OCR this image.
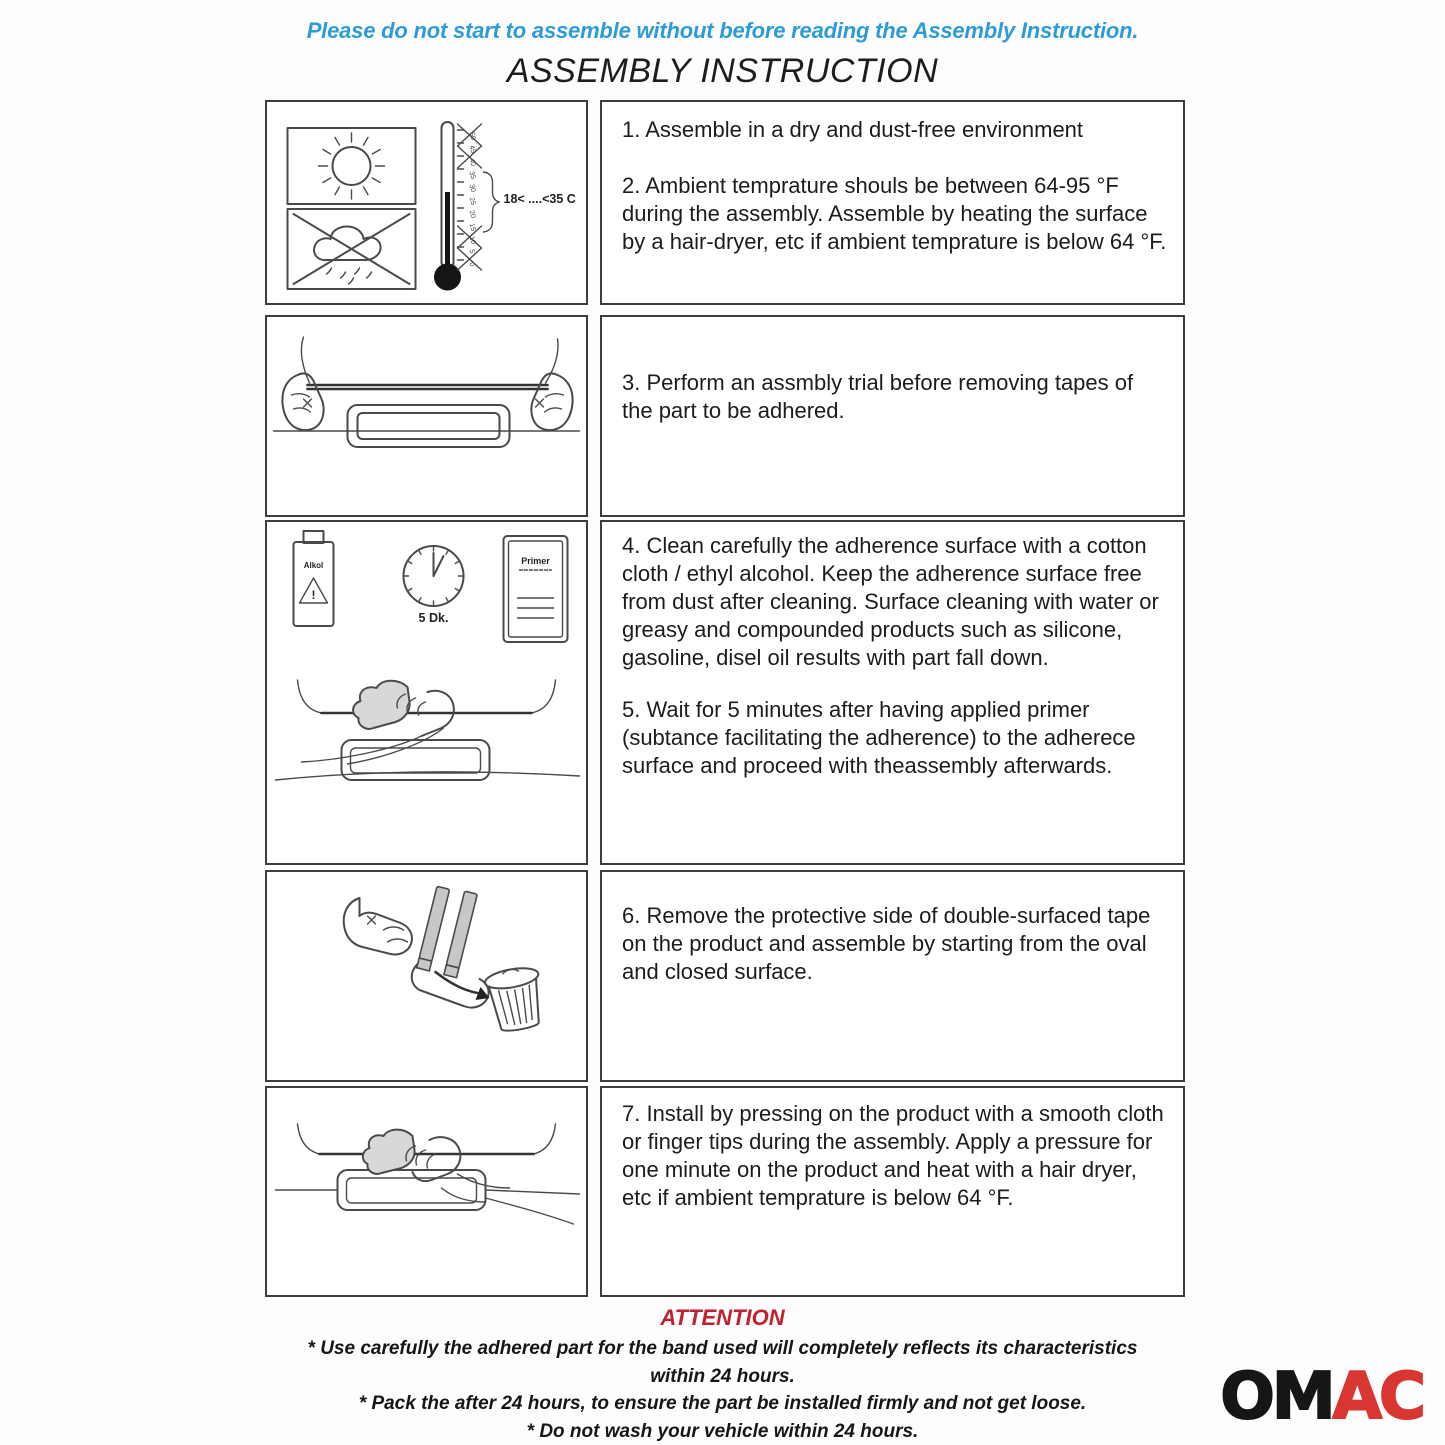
Please do not start to assemble without before reading the Assembly Instruction.
ASSEMBLY INSTRUCTION
50
45
40
35
30
25
20
15
10
5
0
18< ....<35 C

1. Assemble in a dry and dust-free environment

2. Ambient temprature shouls be between 64-95 °F during the assembly. Assemble by heating the surface by a hair-dryer, etc if ambient temprature is below 64 °F.

3. Perform an assmbly trial before removing tapes of the part to be adhered.

Alkol
!
5 Dk.
Primer

4. Clean carefully the adherence surface with a cotton cloth / ethyl alcohol. Keep the adherence surface free from dust after cleaning. Surface cleaning with water or greasy and compounded products such as silicone, gasoline, disel oil results with part fall down.

5. Wait for 5 minutes after having applied primer (subtance facilitating the adherence) to the adherece surface and proceed with theassembly afterwards.

6. Remove the protective side of double-surfaced tape on the product and assemble by starting from the oval and closed surface.

7. Install by pressing on the product with a smooth cloth or finger tips during the assembly. Apply a pressure for one minute on the product and heat with a hair dryer, etc if ambient temprature is below 64 °F.

ATTENTION
* Use carefully the adhered part for the band used will completely reflects its characteristics within 24 hours.
* Pack the after 24 hours, to ensure the part be installed firmly and not get loose.
* Do not wash your vehicle within 24 hours.	OMAC
